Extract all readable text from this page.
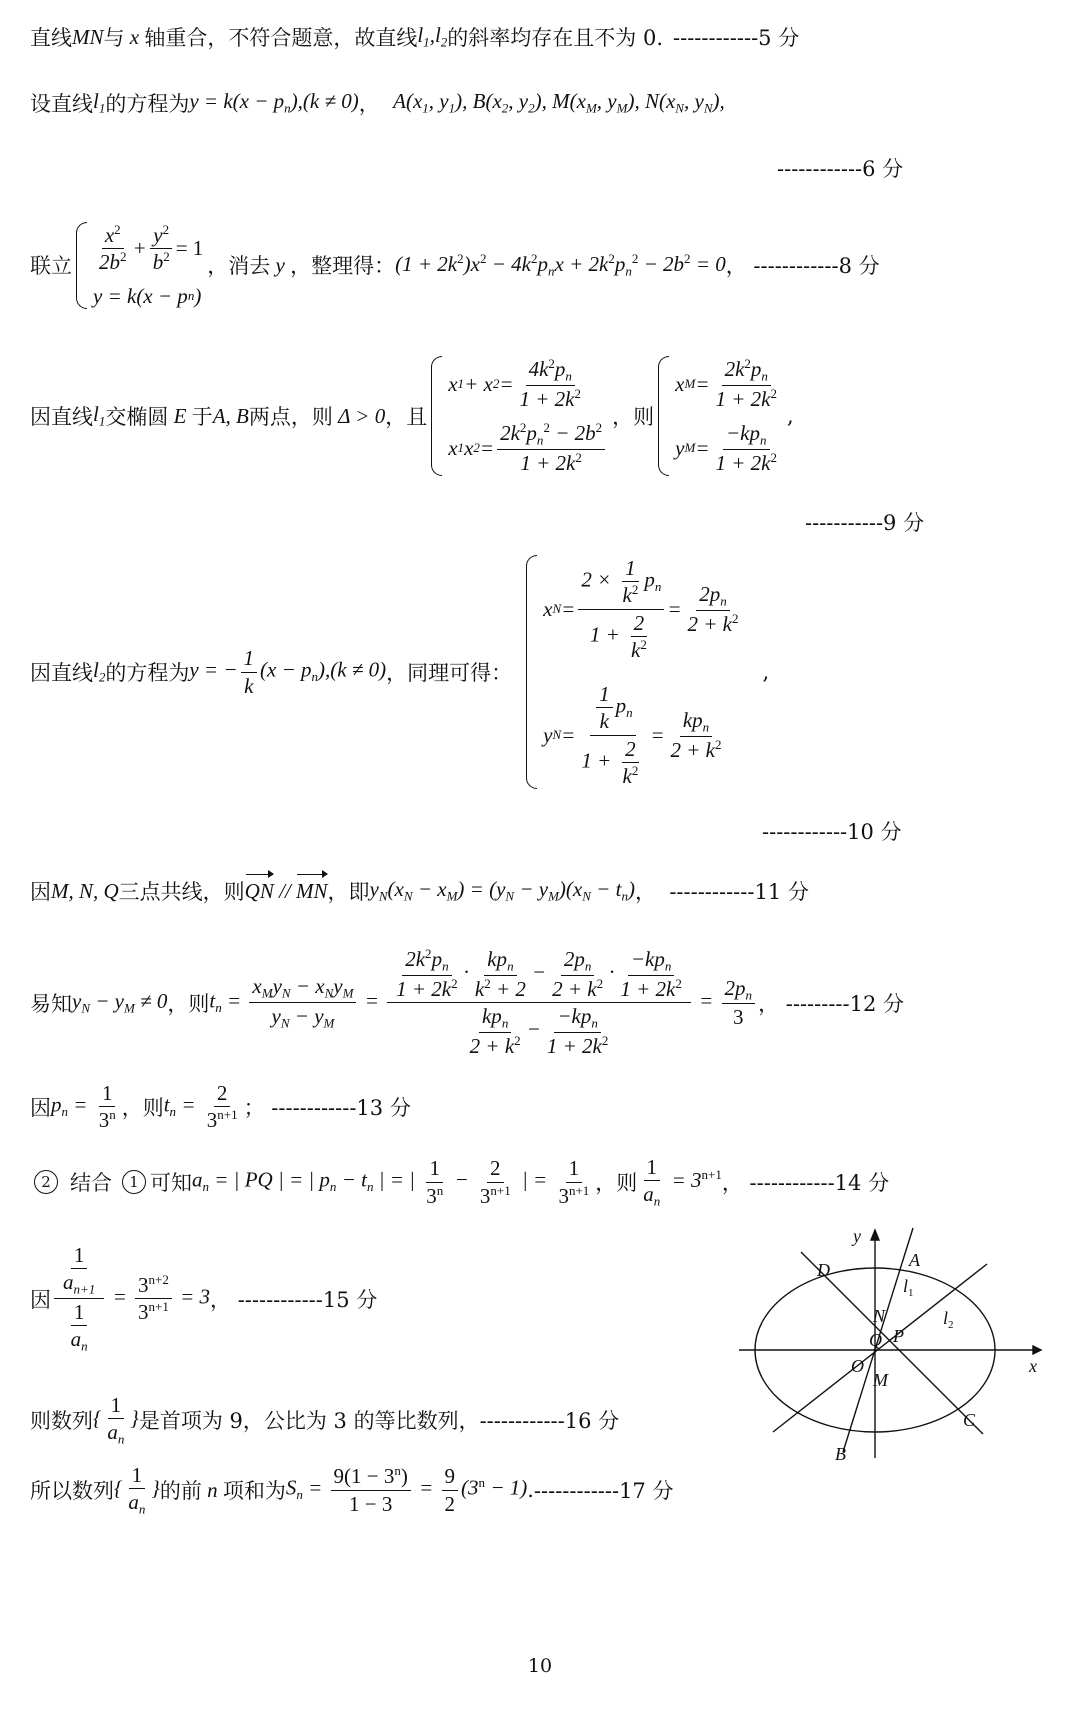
直线 MN 与 x 轴重合，不符合题意，故直线 $l_1,l_2$ 的斜率均存在且不为 0. ------------5 分
设直线 $l_1$ 的方程为 $y = k(x - p_n),(k \ne 0)$ ， $A(x_1$, $y_1$), $B(x_2$, $y_2$), $M(x_M$, $y_M$), $N(x_N$, $y_N$),
------------6 分
联立 $\frac{x^2}{2b^2} + \frac{y^2}{b^2} = 1$
y = k(x − p n )
，消去 y ，整理得： $(1 + 2k^2)x^2 - 4k^2p_nx + 2k^2p_n^2 - 2b^2 = 0$ ， ------------8 分
因直线 $l_1$ 交椭圆 E 于 A, B 两点，则 Δ > 0 ，且
x 1 + x $2 = \frac{4k^2p_n}{1 + 2k^2}$
x 1 x $2 = \frac{2k^2p_n^2 - 2b^2}{1 + 2k^2}$
，则
x $M = \frac{2k^2p_n}{1 + 2k^2}$
y $M = \frac{-kp_n}{1 + 2k^2}$
,
-----------9 分
因直线 $l_2$ 的方程为 y = − $\frac{1}{k} (x - p_n),(k \ne 0)$ ，同理可得：
x $N = \frac{2 \times \frac{1}{k^2} p_n}{1 + \frac{2}{k^2}} = \frac{2p_n}{2 + k^2}$
y $N = \frac{\frac{1}{k} p_n}{1 + \frac{2}{k^2}} = \frac{kp_n}{2 + k^2}$
,
------------10 分
因 M, N, Q 三点共线，则 QN // MN ，即 $y_N(x_N - x_M) = (y_N - y_M)(x_N - t_n)$ ， ------------11 分
易知 $y_N - y_M \ne 0$ ，则 $t_n = \frac{x_My_N - x_Ny_M}{y_N - y_M} = \frac{\frac{2k^2p_n}{1 + 2k^2} \cdot \frac{kp_n}{k^2 + 2} - \frac{2p_n}{2 + k^2} \cdot \frac{-kp_n}{1 + 2k^2}}{\frac{kp_n}{2 + k^2} - \frac{-kp_n}{1 + 2k^2}} = \frac{2p_n}{3}$ ， ---------12 分
因 $p_n = \frac{1}{3^n}$ ，则 $t_n = \frac{2}{3^{n+1}}$ ； ------------13 分
2 结合	1 可知 $a_n$ = | PQ | = | $p_n - t_n$ | = | $\frac{1}{3^n} - \frac{2}{3^{n+1}}$ | = $\frac{1}{3^{n+1}}$ ，则 $\frac{1}{a_n} = 3^{n+1}$ ， ------------14 分
因 $\frac{\frac{1}{a_{n+1}}}{\frac{1}{a_n}} = \frac{3^{n+2}}{3^{n+1}} = 3$ ， ------------15 分
则数列 { $\frac{1}{a_n}$ } 是首项为 9，公比为 3 的等比数列， ------------16 分
所以数列 { $\frac{1}{a_n}$ } 的前 n 项和为 $S_n = \frac{9(1 - 3^n)}{1 - 3} = \frac{9}{2} (3^n - 1)$ . ------------17 分
y
x
O
Q
A
B
C
D
N
M
P
$l_1$
$l_2$
10
